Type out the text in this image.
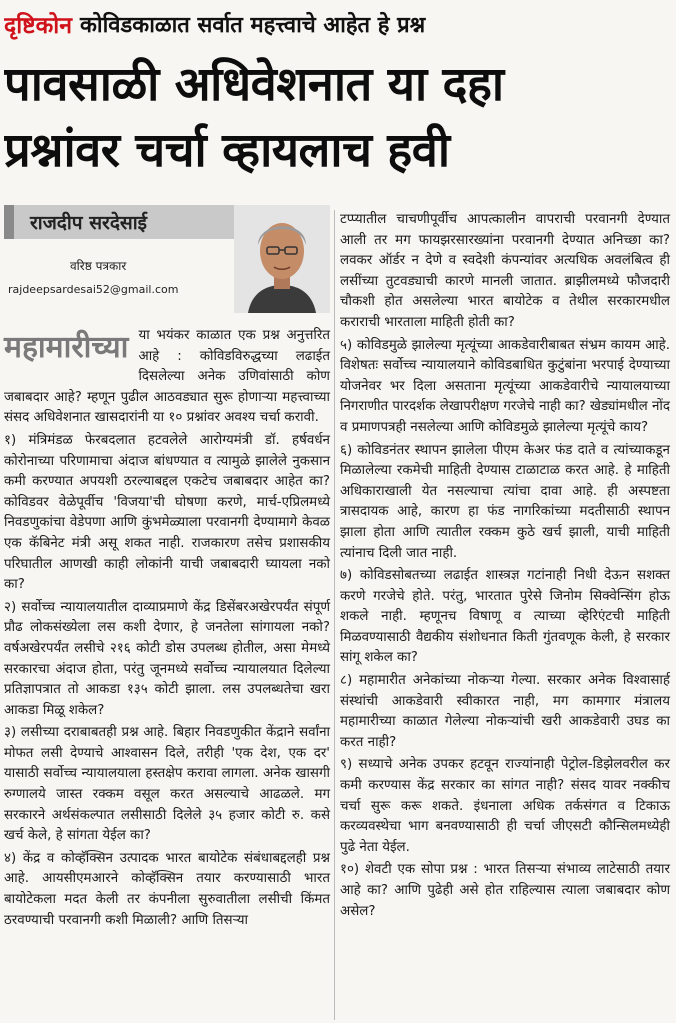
दृष्टिकोन कोविडकाळात सर्वात महत्त्वाचे आहेत हे प्रश्न
पावसाळी अधिवेशनात या दहा
प्रश्नांवर चर्चा व्हायलाच हवी
राजदीप सरदेसाई
वरिष्ठ पत्रकार
rajdeepsardesai52@gmail.com

महामारीच्या या भयंकर काळात एक प्रश्न अनुत्तरित आहे : कोविडविरुद्धच्या लढाईत दिसलेल्या अनेक उणिवांसाठी कोण जबाबदार आहे? म्हणून पुढील आठवड्यात सुरू होणाऱ्या महत्त्वाच्या संसद अधिवेशनात खासदारांनी या १० प्रश्नांवर अवश्य चर्चा करावी.

१) मंत्रिमंडळ फेरबदलात हटवलेले आरोग्यमंत्री डॉ. हर्षवर्धन कोरोनाच्या परिणामाचा अंदाज बांधण्यात व त्यामुळे झालेले नुकसान कमी करण्यात अपयशी ठरल्याबद्दल एकटेच जबाबदार आहेत का? कोविडवर वेळेपूर्वीच 'विजया'ची घोषणा करणे, मार्च-एप्रिलमध्ये निवडणुकांचा वेडेपणा आणि कुंभमेळ्याला परवानगी देण्यामागे केवळ एक कॅबिनेट मंत्री असू शकत नाही. राजकारण तसेच प्रशासकीय परिघातील आणखी काही लोकांनी याची जबाबदारी घ्यायला नको का?

२) सर्वोच्च न्यायालयातील दाव्याप्रमाणे केंद्र डिसेंबरअखेरपर्यंत संपूर्ण प्रौढ लोकसंख्येला लस कशी देणार, हे जनतेला सांगायला नको? वर्षअखेरपर्यंत लसीचे २१६ कोटी डोस उपलब्ध होतील, असा मेमध्ये सरकारचा अंदाज होता, परंतु जूनमध्ये सर्वोच्च न्यायालयात दिलेल्या प्रतिज्ञापत्रात तो आकडा १३५ कोटी झाला. लस उपलब्धतेचा खरा आकडा मिळू शकेल?

३) लसीच्या दराबाबतही प्रश्न आहे. बिहार निवडणुकीत केंद्राने सर्वांना मोफत लसी देण्याचे आश्वासन दिले, तरीही 'एक देश, एक दर' यासाठी सर्वोच्च न्यायालयाला हस्तक्षेप करावा लागला. अनेक खासगी रुग्णालये जास्त रक्कम वसूल करत असल्याचे आढळले. मग सरकारने अर्थसंकल्पात लसीसाठी दिलेले ३५ हजार कोटी रु. कसे खर्च केले, हे सांगता येईल का?

४) केंद्र व कोव्हॅक्सिन उत्पादक भारत बायोटेक संबंधाबद्दलही प्रश्न आहे. आयसीएमआरने कोव्हॅक्सिन तयार करण्यासाठी भारत बायोटेकला मदत केली तर कंपनीला सुरुवातीला लसीची किंमत ठरवण्याची परवानगी कशी मिळाली? आणि तिसऱ्या

टप्प्यातील चाचणीपूर्वीच आपत्कालीन वापराची परवानगी देण्यात आली तर मग फायझरसारख्यांना परवानगी देण्यात अनिच्छा का? लवकर ऑर्डर न देणे व स्वदेशी कंपन्यांवर अत्यधिक अवलंबित्व ही लसींच्या तुटवड्याची कारणे मानली जातात. ब्राझीलमध्ये फौजदारी चौकशी होत असलेल्या भारत बायोटेक व तेथील सरकारमधील कराराची भारताला माहिती होती का?

५) कोविडमुळे झालेल्या मृत्यूंच्या आकडेवारीबाबत संभ्रम कायम आहे. विशेषतः सर्वोच्च न्यायालयाने कोविडबाधित कुटुंबांना भरपाई देण्याच्या योजनेवर भर दिला असताना मृत्यूंच्या आकडेवारीचे न्यायालयाच्या निगराणीत पारदर्शक लेखापरीक्षण गरजेचे नाही का? खेड्यांमधील नोंद व प्रमाणपत्रही नसलेल्या आणि कोविडमुळे झालेल्या मृत्यूंचे काय?

६) कोविडनंतर स्थापन झालेला पीएम केअर फंड दाते व त्यांच्याकडून मिळालेल्या रकमेची माहिती देण्यास टाळाटाळ करत आहे. हे माहिती अधिकाराखाली येत नसल्याचा त्यांचा दावा आहे. ही अस्पष्टता त्रासदायक आहे, कारण हा फंड नागरिकांच्या मदतीसाठी स्थापन झाला होता आणि त्यातील रक्कम कुठे खर्च झाली, याची माहिती त्यांनाच दिली जात नाही.

७) कोविडसोबतच्या लढाईत शास्त्रज्ञ गटांनाही निधी देऊन सशक्त करणे गरजेचे होते. परंतु, भारतात पुरेसे जिनोम सिक्वेन्सिंग होऊ शकले नाही. म्हणूनच विषाणू व त्याच्या व्हेरिएंटची माहिती मिळवण्यासाठी वैद्यकीय संशोधनात किती गुंतवणूक केली, हे सरकार सांगू शकेल का?

८) महामारीत अनेकांच्या नोकऱ्या गेल्या. सरकार अनेक विश्वासार्ह संस्थांची आकडेवारी स्वीकारत नाही, मग कामगार मंत्रालय महामारीच्या काळात गेलेल्या नोकऱ्यांची खरी आकडेवारी उघड का करत नाही?

९) सध्याचे अनेक उपकर हटवून राज्यांनाही पेट्रोल-डिझेलवरील कर कमी करण्यास केंद्र सरकार का सांगत नाही? संसद यावर नक्कीच चर्चा सुरू करू शकते. इंधनाला अधिक तर्कसंगत व टिकाऊ करव्यवस्थेचा भाग बनवण्यासाठी ही चर्चा जीएसटी कौन्सिलमध्येही पुढे नेता येईल.

१०) शेवटी एक सोपा प्रश्न : भारत तिसऱ्या संभाव्य लाटेसाठी तयार आहे का? आणि पुढेही असे होत राहिल्यास त्याला जबाबदार कोण असेल?
